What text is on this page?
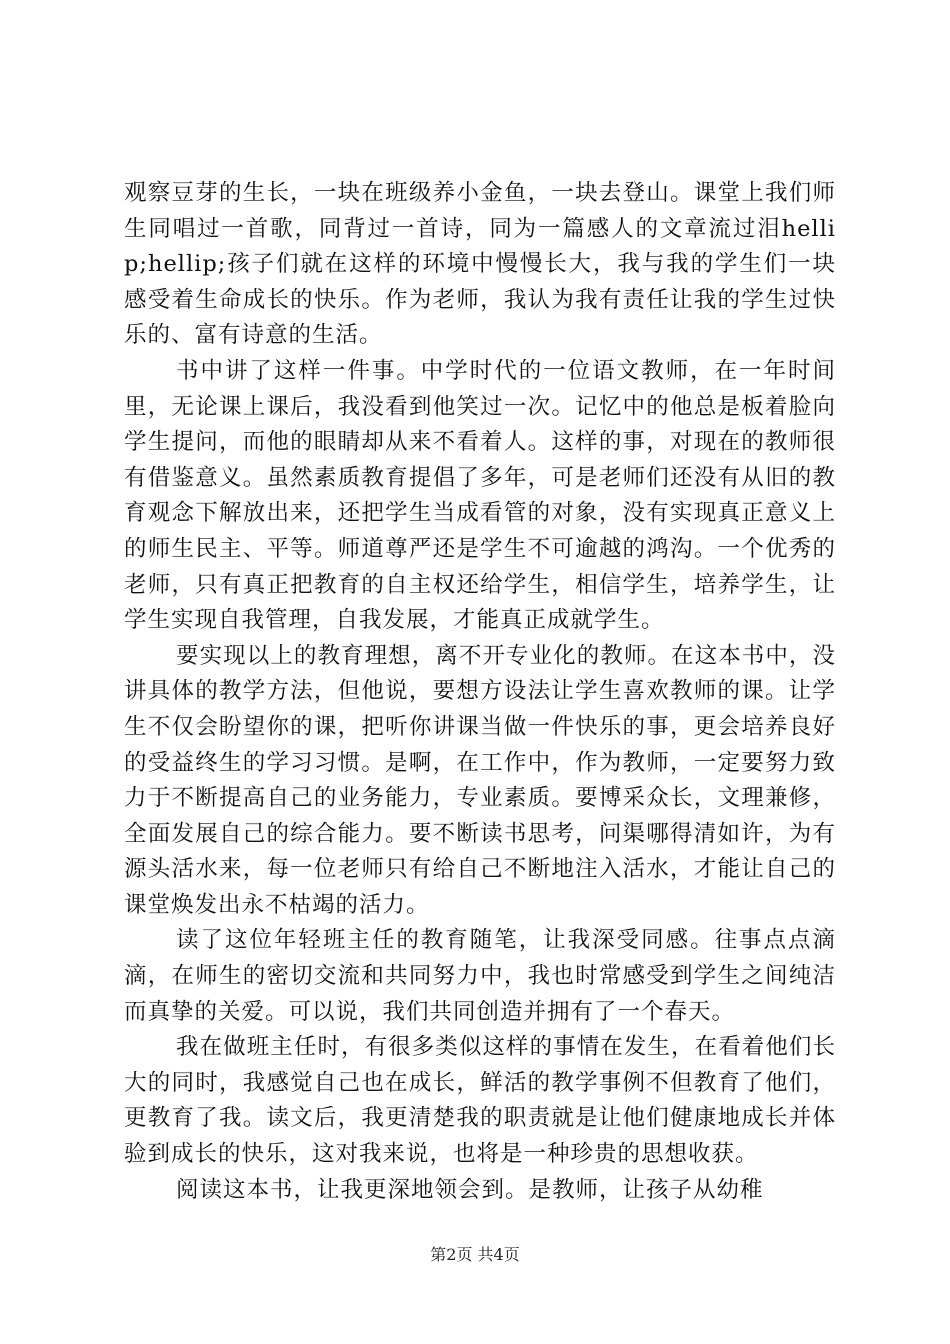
观察豆芽的生长，一块在班级养小金鱼，一块去登山。课堂上我们师生同唱过一首歌，同背过一首诗，同为一篇感人的文章流过泪hellip;hellip;孩子们就在这样的环境中慢慢长大，我与我的学生们一块感受着生命成长的快乐。作为老师，我认为我有责任让我的学生过快乐的、富有诗意的生活。

书中讲了这样一件事。中学时代的一位语文教师，在一年时间里，无论课上课后，我没看到他笑过一次。记忆中的他总是板着脸向学生提问，而他的眼睛却从来不看着人。这样的事，对现在的教师很有借鉴意义。虽然素质教育提倡了多年，可是老师们还没有从旧的教育观念下解放出来，还把学生当成看管的对象，没有实现真正意义上的师生民主、平等。师道尊严还是学生不可逾越的鸿沟。一个优秀的老师，只有真正把教育的自主权还给学生，相信学生，培养学生，让学生实现自我管理，自我发展，才能真正成就学生。

要实现以上的教育理想，离不开专业化的教师。在这本书中，没讲具体的教学方法，但他说，要想方设法让学生喜欢教师的课。让学生不仅会盼望你的课，把听你讲课当做一件快乐的事，更会培养良好的受益终生的学习习惯。是啊，在工作中，作为教师，一定要努力致力于不断提高自己的业务能力，专业素质。要博采众长，文理兼修，全面发展自己的综合能力。要不断读书思考，问渠哪得清如许，为有源头活水来，每一位老师只有给自己不断地注入活水，才能让自己的课堂焕发出永不枯竭的活力。

读了这位年轻班主任的教育随笔，让我深受同感。往事点点滴滴，在师生的密切交流和共同努力中，我也时常感受到学生之间纯洁而真挚的关爱。可以说，我们共同创造并拥有了一个春天。

我在做班主任时，有很多类似这样的事情在发生，在看着他们长大的同时，我感觉自己也在成长，鲜活的教学事例不但教育了他们，更教育了我。读文后，我更清楚我的职责就是让他们健康地成长并体验到成长的快乐，这对我来说，也将是一种珍贵的思想收获。

阅读这本书，让我更深地领会到。是教师，让孩子从幼稚

第2页 共4页
